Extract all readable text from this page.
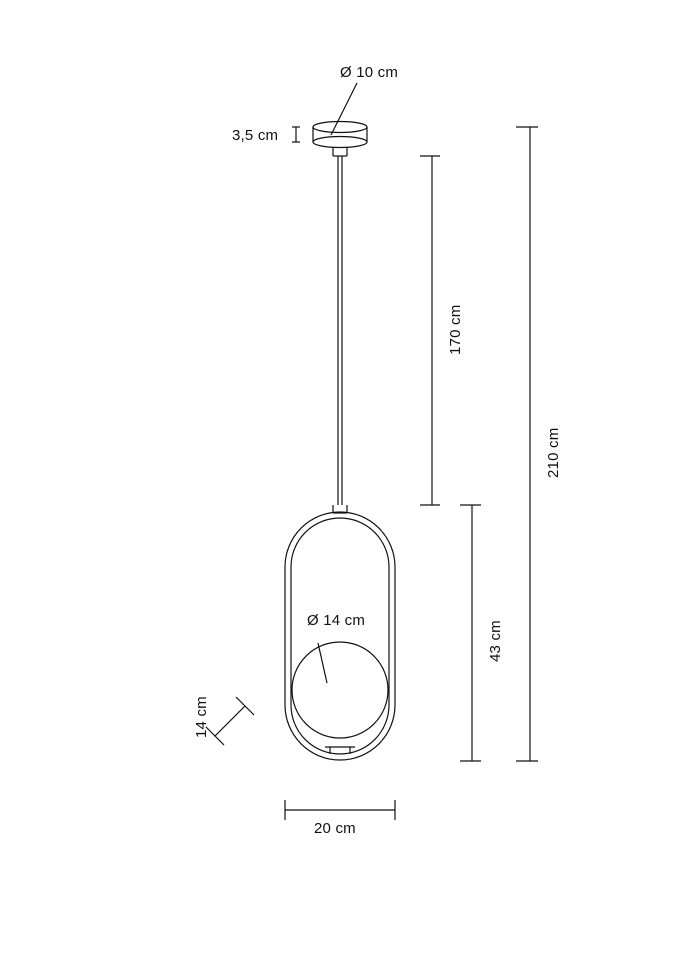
Ø 10 cm
3,5 cm
170 cm
210 cm
43 cm
Ø 14 cm
14 cm
20 cm
